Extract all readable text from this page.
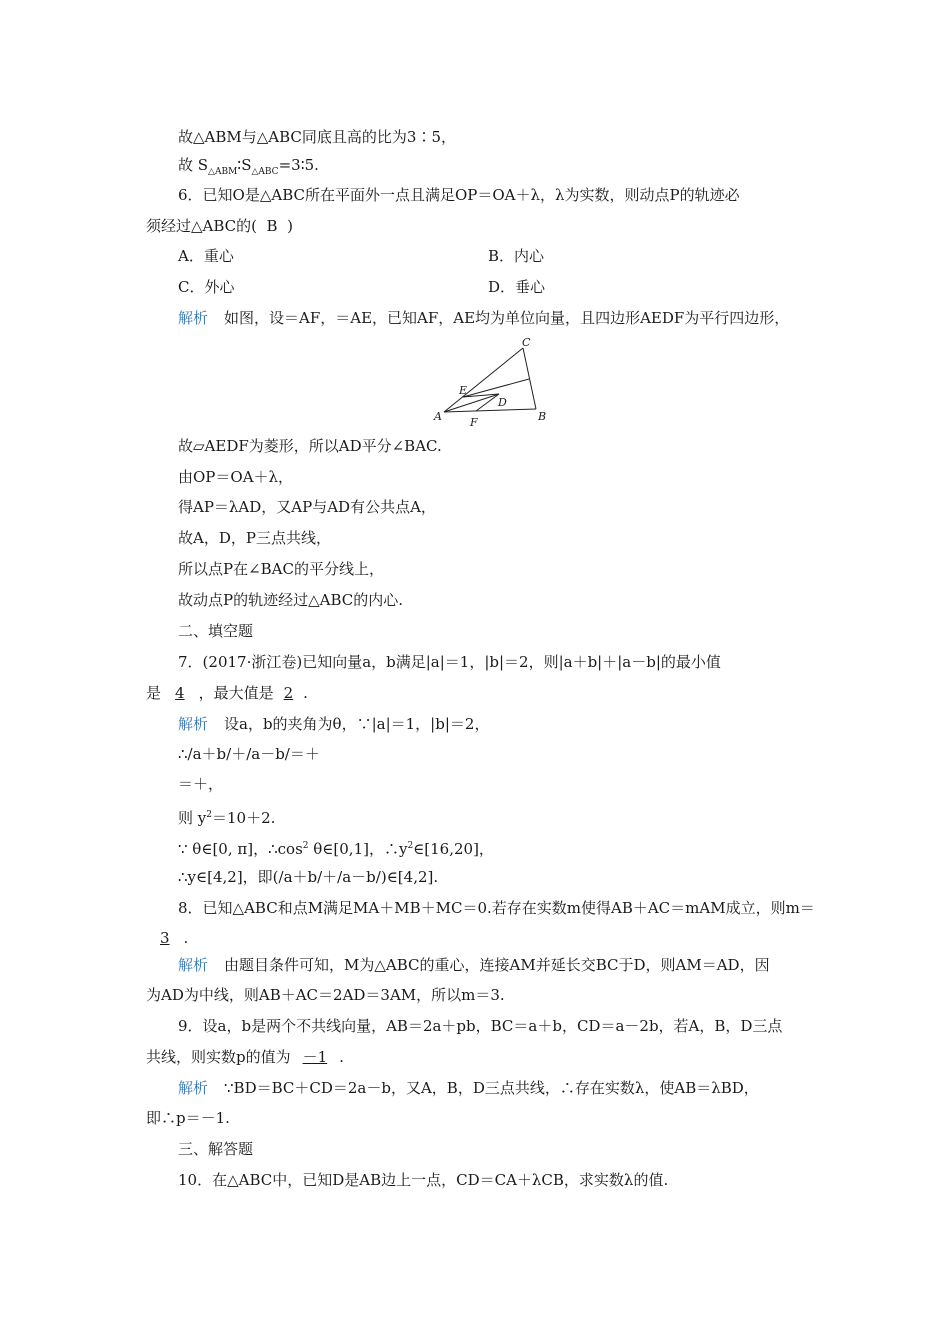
故△ABM与△ABC同底且高的比为3∶5，
故 $S_{\triangle ABM}∶S_{\triangle ABC}=3∶5$.
6．已知O是△ABC所在平面外一点且满足OP＝OA＋λ，λ为实数，则动点P的轨迹必
须经过△ABC的( B )
A．重心	B．内心
C．外心	D．垂心
解析 如图，设＝AF，＝AE，已知AF，AE均为单位向量，且四边形AEDF为平行四边形，
A	B
C
D
E
F
故▱AEDF为菱形，所以AD平分∠BAC.
由OP＝OA＋λ，
得AP＝λAD，又AP与AD有公共点A，
故A，D，P三点共线，
所以点P在∠BAC的平分线上，
故动点P的轨迹经过△ABC的内心.
二、填空题
7．(2017·浙江卷)已知向量a，b满足|a|＝1，|b|＝2，则|a＋b|＋|a－b|的最小值
是 4 ，最大值是 2 .
解析 设a，b的夹角为θ，∵|a|＝1，|b|＝2，
∴/a＋b/＋/a－b/＝＋
＝＋，
则 $y^2=10+2$.
∵ θ∈[0, π]，$\therefore\cos^2$ θ∈[0,1]，$\therefore y^2\in[16,20]$，
∴y∈[4,2]，即(/a＋b/＋/a－b/)∈[4,2].
8．已知△ABC和点M满足MA＋MB＋MC＝0.若存在实数m使得AB＋AC＝mAM成立，则m＝
3 .
解析 由题目条件可知，M为△ABC的重心，连接AM并延长交BC于D，则AM＝AD，因
为AD为中线，则AB＋AC＝2AD＝3AM，所以m＝3.
9．设a，b是两个不共线向量，AB＝2a＋pb，BC＝a＋b，CD＝a－2b，若A，B，D三点
共线，则实数p的值为 －1 .
解析 ∵BD＝BC＋CD＝2a－b，又A，B，D三点共线，∴存在实数λ，使AB＝λBD，
即∴p＝－1.
三、解答题
10．在△ABC中，已知D是AB边上一点，CD＝CA＋λCB，求实数λ的值.
